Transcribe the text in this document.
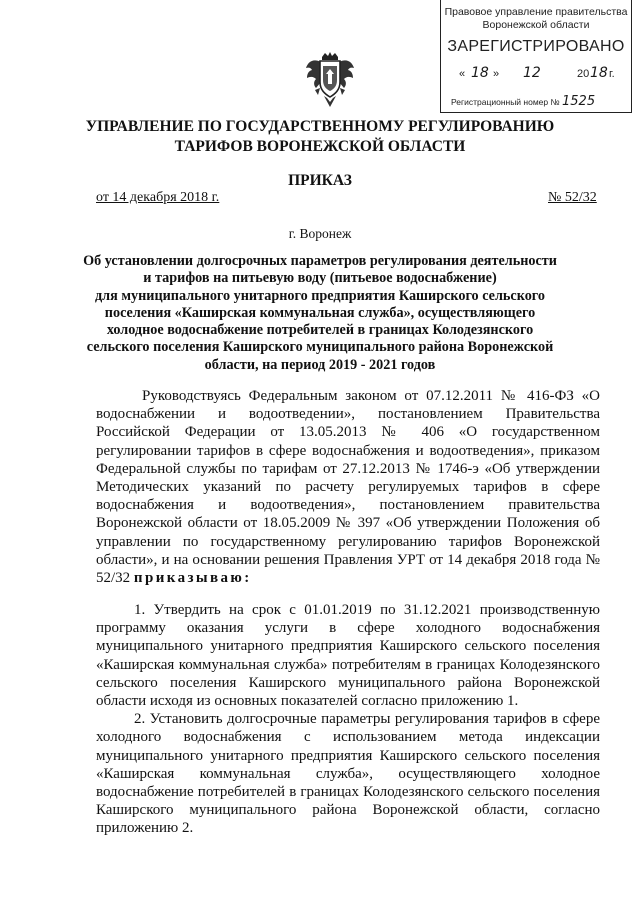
Правовое управление правительства
Воронежской области
ЗАРЕГИСТРИРОВАНО
« 18 » 12	20 18 г.
Регистрационный номер № 1525
УПРАВЛЕНИЕ ПО ГОСУДАРСТВЕННОМУ РЕГУЛИРОВАНИЮ
ТАРИФОВ ВОРОНЕЖСКОЙ ОБЛАСТИ
ПРИКАЗ
от 14 декабря 2018 г.	№ 52/32
г. Воронеж
Об установлении долгосрочных параметров регулирования деятельности
и тарифов на питьевую воду (питьевое водоснабжение)
для муниципального унитарного предприятия Каширского сельского
поселения «Каширская коммунальная служба», осуществляющего
холодное водоснабжение потребителей в границах Колодезянского
сельского поселения Каширского муниципального района Воронежской
области, на период 2019 - 2021 годов

Руководствуясь Федеральным законом от 07.12.2011 № 416-ФЗ «О водоснабжении и водоотведении», постановлением Правительства Российской Федерации от 13.05.2013 № 406 «О государственном регулировании тарифов в сфере водоснабжения и водоотведения», приказом Федеральной службы по тарифам от 27.12.2013 № 1746-э «Об утверждении Методических указаний по расчету регулируемых тарифов в сфере водоснабжения и водоотведения», постановлением правительства Воронежской области от 18.05.2009 № 397 «Об утверждении Положения об управлении по государственному регулированию тарифов Воронежской области», и на основании решения Правления УРТ от 14 декабря 2018 года № 52/32 приказываю:

1. Утвердить на срок с 01.01.2019 по 31.12.2021 производственную программу оказания услуги в сфере холодного водоснабжения муниципального унитарного предприятия Каширского сельского поселения «Каширская коммунальная служба» потребителям в границах Колодезянского сельского поселения Каширского муниципального района Воронежской области исходя из основных показателей согласно приложению 1.

2. Установить долгосрочные параметры регулирования тарифов в сфере холодного водоснабжения с использованием метода индексации муниципального унитарного предприятия Каширского сельского поселения «Каширская коммунальная служба», осуществляющего холодное водоснабжение потребителей в границах Колодезянского сельского поселения Каширского муниципального района Воронежской области, согласно приложению 2.
